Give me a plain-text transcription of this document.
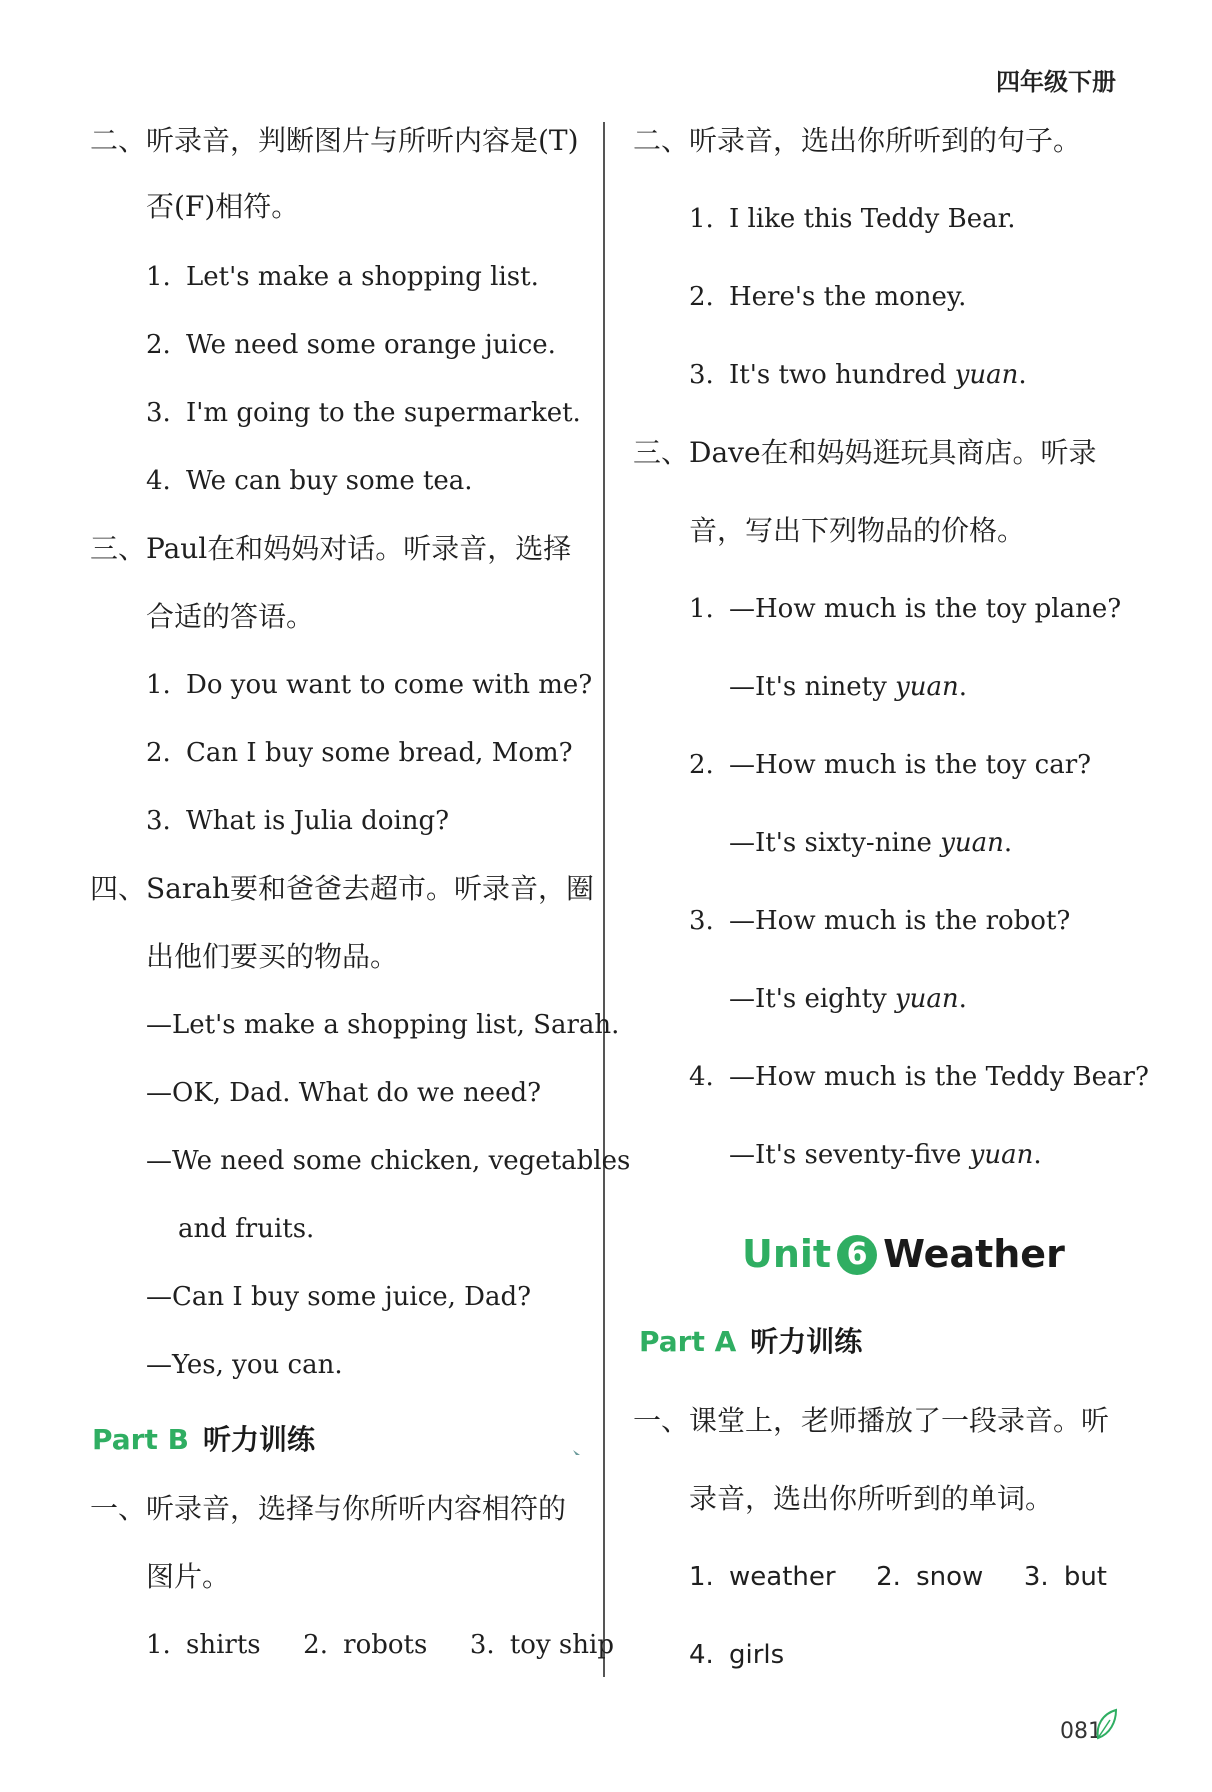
四年级下册
二、听录音，判断图片与所听内容是(T)
否(F)相符。
1. Let's make a shopping list.
2. We need some orange juice.
3. I'm going to the supermarket.
4. We can buy some tea.
三、Paul在和妈妈对话。听录音，选择
合适的答语。
1. Do you want to come with me?
2. Can I buy some bread, Mom?
3. What is Julia doing?
四、Sarah要和爸爸去超市。听录音，圈
出他们要买的物品。
—Let's make a shopping list, Sarah.
—OK, Dad. What do we need?
—We need some chicken, vegetables
and fruits.
—Can I buy some juice, Dad?
—Yes, you can.
Part B 听力训练
一、听录音，选择与你所听内容相符的
图片。
1. shirts 2. robots 3. toy ship
二、听录音，选出你所听到的句子。
1. I like this Teddy Bear.
2. Here's the money.
3. It's two hundred yuan.
三、Dave在和妈妈逛玩具商店。听录
音，写出下列物品的价格。
1. —How much is the toy plane?
—It's ninety yuan.
2. —How much is the toy car?
—It's sixty-nine yuan.
3. —How much is the robot?
—It's eighty yuan.
4. —How much is the Teddy Bear?
—It's seventy-five yuan.
Part A 听力训练
一、课堂上，老师播放了一段录音。听
录音，选出你所听到的单词。
1. weather 2. snow 3. but
4. girls
Unit 6 Weather
081
